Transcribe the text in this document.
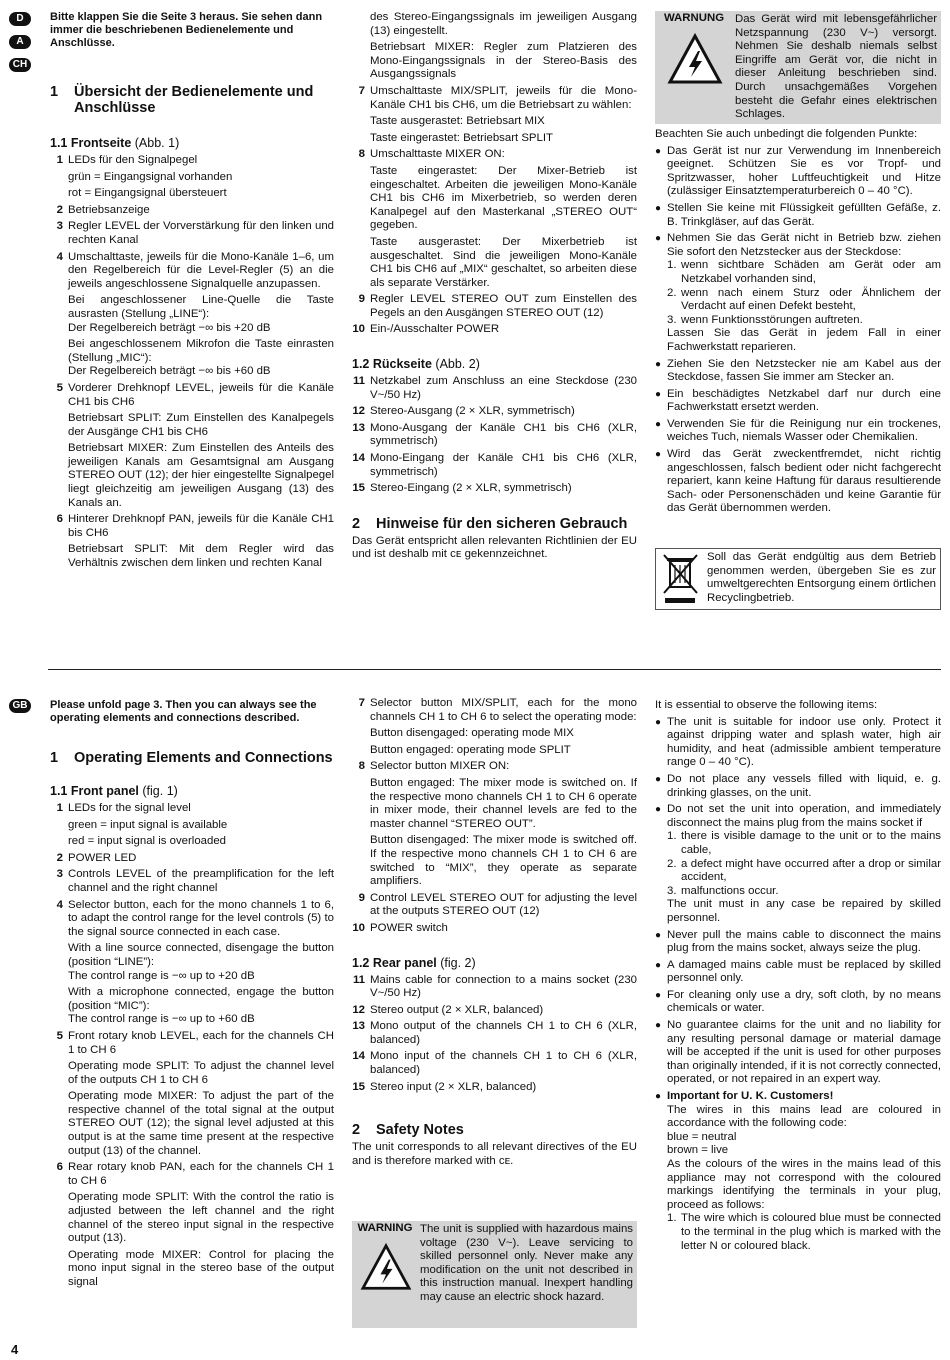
D
A
CH
GB
Bitte klappen Sie die Seite 3 heraus. Sie sehen dann immer die beschriebenen Bedienelemente und Anschlüsse.
1	Übersicht der Bedienelemente und Anschlüsse
1.1 Frontseite (Abb. 1)
1 LEDs für den Signalpegel
grün = Eingangsignal vorhanden
rot = Eingangsignal übersteuert
2 Betriebsanzeige
3 Regler LEVEL der Vorverstärkung für den linken und rechten Kanal
4 Umschalttaste, jeweils für die Mono-Kanäle 1–6, um den Regelbereich für die Level-Regler (5) an die jeweils angeschlossene Signalquelle anzupassen.
Bei angeschlossener Line-Quelle die Taste ausrasten (Stellung „LINE“):
Der Regelbereich beträgt −∞ bis +20 dB
Bei angeschlossenem Mikrofon die Taste einrasten (Stellung „MIC“):
Der Regelbereich beträgt −∞ bis +60 dB
5 Vorderer Drehknopf LEVEL, jeweils für die Kanäle CH1 bis CH6
Betriebsart SPLIT: Zum Einstellen des Kanalpegels der Ausgänge CH1 bis CH6
Betriebsart MIXER: Zum Einstellen des Anteils des jeweiligen Kanals am Gesamtsignal am Ausgang STEREO OUT (12); der hier eingestellte Signalpegel liegt gleichzeitig am jeweiligen Ausgang (13) des Kanals an.
6 Hinterer Drehknopf PAN, jeweils für die Kanäle CH1 bis CH6
Betriebsart SPLIT: Mit dem Regler wird das Verhältnis zwischen dem linken und rechten Kanal
des Stereo-Eingangssignals im jeweiligen Ausgang (13) eingestellt.
Betriebsart MIXER: Regler zum Platzieren des Mono-Eingangssignals in der Stereo-Basis des Ausgangssignals
7 Umschalttaste MIX/SPLIT, jeweils für die Mono-Kanäle CH1 bis CH6, um die Betriebsart zu wählen:
Taste ausgerastet: Betriebsart MIX
Taste eingerastet: Betriebsart SPLIT
8 Umschalttaste MIXER ON:
Taste eingerastet: Der Mixer-Betrieb ist eingeschaltet. Arbeiten die jeweiligen Mono-Kanäle CH1 bis CH6 im Mixerbetrieb, so werden deren Kanalpegel auf den Masterkanal „STEREO OUT“ gegeben.
Taste ausgerastet: Der Mixerbetrieb ist ausgeschaltet. Sind die jeweiligen Mono-Kanäle CH1 bis CH6 auf „MIX“ geschaltet, so arbeiten diese als separate Verstärker.
9 Regler LEVEL STEREO OUT zum Einstellen des Pegels an den Ausgängen STEREO OUT (12)
10 Ein-/Ausschalter POWER
1.2 Rückseite (Abb. 2)
11 Netzkabel zum Anschluss an eine Steckdose (230 V~/50 Hz)
12 Stereo-Ausgang (2 × XLR, symmetrisch)
13 Mono-Ausgang der Kanäle CH1 bis CH6 (XLR, symmetrisch)
14 Mono-Eingang der Kanäle CH1 bis CH6 (XLR, symmetrisch)
15 Stereo-Eingang (2 × XLR, symmetrisch)
2	Hinweise für den sicheren Gebrauch
Das Gerät entspricht allen relevanten Richtlinien der EU und ist deshalb mit ᴄᴇ gekennzeichnet.
WARNUNG Das Gerät wird mit lebensgefährlicher Netzspannung (230 V~) versorgt. Nehmen Sie deshalb niemals selbst Eingriffe am Gerät vor, die nicht in dieser Anleitung beschrieben sind. Durch unsachgemäßes Vorgehen besteht die Gefahr eines elektrischen Schlages.
Beachten Sie auch unbedingt die folgenden Punkte:
● Das Gerät ist nur zur Verwendung im Innenbereich geeignet. Schützen Sie es vor Tropf- und Spritzwasser, hoher Luftfeuchtigkeit und Hitze (zulässiger Einsatztemperaturbereich 0 – 40 °C).
● Stellen Sie keine mit Flüssigkeit gefüllten Gefäße, z. B. Trinkgläser, auf das Gerät.
● Nehmen Sie das Gerät nicht in Betrieb bzw. ziehen Sie sofort den Netzstecker aus der Steckdose:
1. wenn sichtbare Schäden am Gerät oder am Netzkabel vorhanden sind,
2. wenn nach einem Sturz oder Ähnlichem der Verdacht auf einen Defekt besteht,
3. wenn Funktionsstörungen auftreten.
Lassen Sie das Gerät in jedem Fall in einer Fachwerkstatt reparieren.
● Ziehen Sie den Netzstecker nie am Kabel aus der Steckdose, fassen Sie immer am Stecker an.
● Ein beschädigtes Netzkabel darf nur durch eine Fachwerkstatt ersetzt werden.
● Verwenden Sie für die Reinigung nur ein trockenes, weiches Tuch, niemals Wasser oder Chemikalien.
● Wird das Gerät zweckentfremdet, nicht richtig angeschlossen, falsch bedient oder nicht fachgerecht repariert, kann keine Haftung für daraus resultierende Sach- oder Personenschäden und keine Garantie für das Gerät übernommen werden.
Soll das Gerät endgültig aus dem Betrieb genommen werden, übergeben Sie es zur umweltgerechten Entsorgung einem örtlichen Recyclingbetrieb.
Please unfold page 3. Then you can always see the operating elements and connections described.
1	Operating Elements and Connections
1.1 Front panel (fig. 1)
1 LEDs for the signal level
green = input signal is available
red = input signal is overloaded
2 POWER LED
3 Controls LEVEL of the preamplification for the left channel and the right channel
4 Selector button, each for the mono channels 1 to 6, to adapt the control range for the level controls (5) to the signal source connected in each case.
With a line source connected, disengage the button (position “LINE”):
The control range is −∞ up to +20 dB
With a microphone connected, engage the button (position “MIC”):
The control range is −∞ up to +60 dB
5 Front rotary knob LEVEL, each for the channels CH 1 to CH 6
Operating mode SPLIT: To adjust the channel level of the outputs CH 1 to CH 6
Operating mode MIXER: To adjust the part of the respective channel of the total signal at the output STEREO OUT (12); the signal level adjusted at this output is at the same time present at the respective output (13) of the channel.
6 Rear rotary knob PAN, each for the channels CH 1 to CH 6
Operating mode SPLIT: With the control the ratio is adjusted between the left channel and the right channel of the stereo input signal in the respective output (13).
Operating mode MIXER: Control for placing the mono input signal in the stereo base of the output signal
7 Selector button MIX/SPLIT, each for the mono channels CH 1 to CH 6 to select the operating mode:
Button disengaged: operating mode MIX
Button engaged: operating mode SPLIT
8 Selector button MIXER ON:
Button engaged: The mixer mode is switched on. If the respective mono channels CH 1 to CH 6 operate in mixer mode, their channel levels are fed to the master channel “STEREO OUT”.
Button disengaged: The mixer mode is switched off. If the respective mono channels CH 1 to CH 6 are switched to “MIX”, they operate as separate amplifiers.
9 Control LEVEL STEREO OUT for adjusting the level at the outputs STEREO OUT (12)
10 POWER switch
1.2 Rear panel (fig. 2)
11 Mains cable for connection to a mains socket (230 V~/50 Hz)
12 Stereo output (2 × XLR, balanced)
13 Mono output of the channels CH 1 to CH 6 (XLR, balanced)
14 Mono input of the channels CH 1 to CH 6 (XLR, balanced)
15 Stereo input (2 × XLR, balanced)
2	Safety Notes
The unit corresponds to all relevant directives of the EU and is therefore marked with ᴄᴇ.
WARNING The unit is supplied with hazardous mains voltage (230 V~). Leave servicing to skilled personnel only. Never make any modification on the unit not described in this instruction manual. Inexpert handling may cause an electric shock hazard.
It is essential to observe the following items:
● The unit is suitable for indoor use only. Protect it against dripping water and splash water, high air humidity, and heat (admissible ambient temperature range 0 – 40 °C).
● Do not place any vessels filled with liquid, e. g. drinking glasses, on the unit.
● Do not set the unit into operation, and immediately disconnect the mains plug from the mains socket if
1. there is visible damage to the unit or to the mains cable,
2. a defect might have occurred after a drop or similar accident,
3. malfunctions occur.
The unit must in any case be repaired by skilled personnel.
● Never pull the mains cable to disconnect the mains plug from the mains socket, always seize the plug.
● A damaged mains cable must be replaced by skilled personnel only.
● For cleaning only use a dry, soft cloth, by no means chemicals or water.
● No guarantee claims for the unit and no liability for any resulting personal damage or material damage will be accepted if the unit is used for other purposes than originally intended, if it is not correctly connected, operated, or not repaired in an expert way.
● Important for U. K. Customers!
The wires in this mains lead are coloured in accordance with the following code:
blue = neutral
brown = live
As the colours of the wires in the mains lead of this appliance may not correspond with the coloured markings identifying the terminals in your plug, proceed as follows:
1. The wire which is coloured blue must be connected to the terminal in the plug which is marked with the letter N or coloured black.
4
